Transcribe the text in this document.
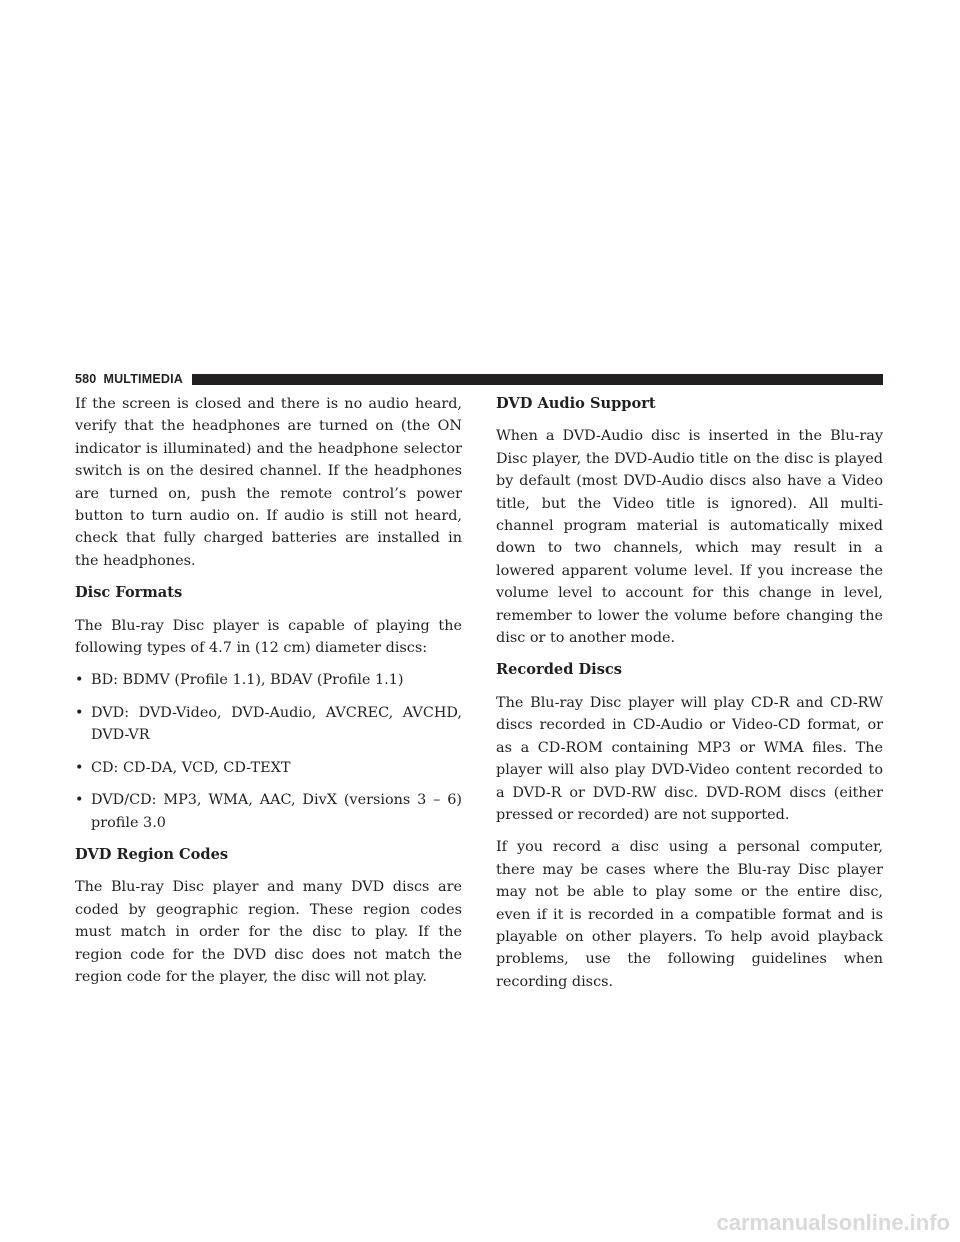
580 MULTIMEDIA

If the screen is closed and there is no audio heard, verify that the headphones are turned on (the ON indicator is illuminated) and the headphone selector switch is on the desired channel. If the headphones are turned on, push the remote control’s power button to turn audio on. If audio is still not heard, check that fully charged batteries are installed in the headphones.

Disc Formats

The Blu-ray Disc player is capable of playing the following types of 4.7 in (12 cm) diameter discs:

• BD: BDMV (Profile 1.1), BDAV (Profile 1.1)
• DVD: DVD-Video, DVD-Audio, AVCREC, AVCHD, DVD-VR
• CD: CD-DA, VCD, CD-TEXT
• DVD/CD: MP3, WMA, AAC, DivX (versions 3 – 6) profile 3.0
DVD Region Codes

The Blu-ray Disc player and many DVD discs are coded by geographic region. These region codes must match in order for the disc to play. If the region code for the DVD disc does not match the region code for the player, the disc will not play.

DVD Audio Support

When a DVD-Audio disc is inserted in the Blu-ray Disc player, the DVD-Audio title on the disc is played by default (most DVD-Audio discs also have a Video title, but the Video title is ignored). All multi-channel program material is automatically mixed down to two channels, which may result in a lowered apparent volume level. If you increase the volume level to account for this change in level, remember to lower the volume before changing the disc or to another mode.

Recorded Discs

The Blu-ray Disc player will play CD-R and CD-RW discs recorded in CD-Audio or Video-CD format, or as a CD-ROM containing MP3 or WMA files. The player will also play DVD-Video content recorded to a DVD-R or DVD-RW disc. DVD-ROM discs (either pressed or recorded) are not supported.

If you record a disc using a personal computer, there may be cases where the Blu-ray Disc player may not be able to play some or the entire disc, even if it is recorded in a compatible format and is playable on other players. To help avoid playback problems, use the following guidelines when recording discs.

carmanualsonline.info
